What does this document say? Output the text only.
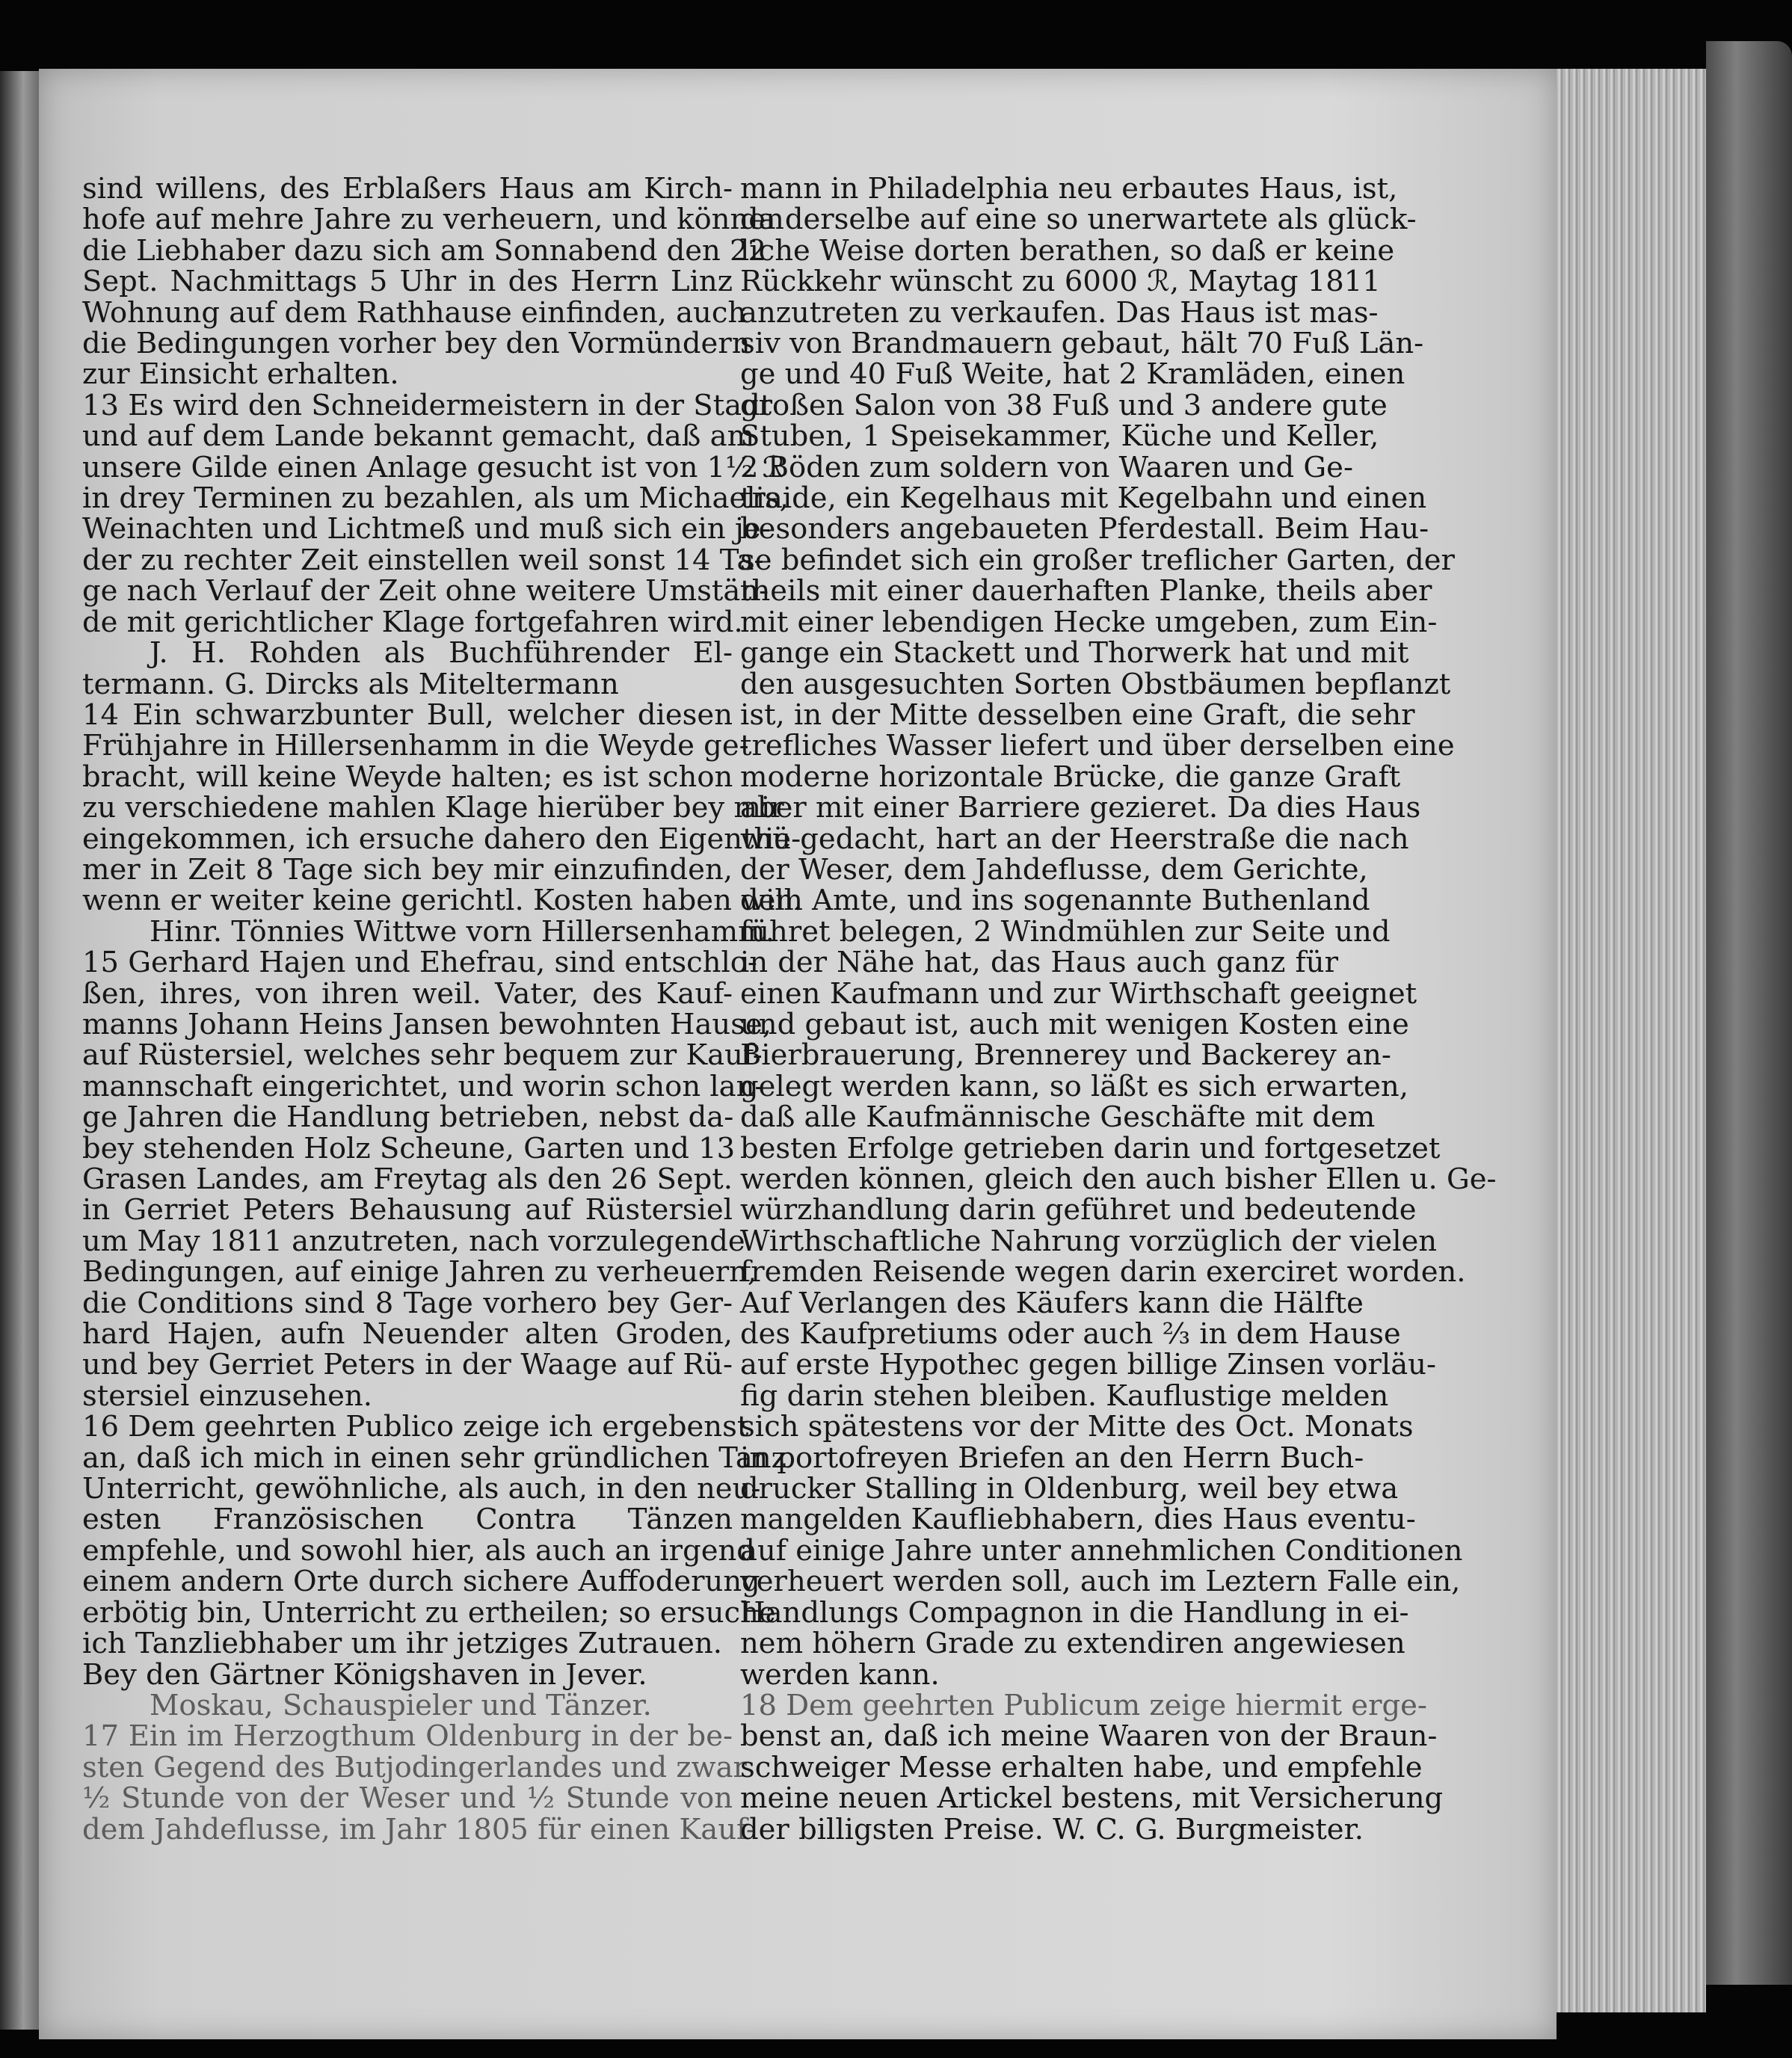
sind willens, des Erblaßers Haus am Kirch-
hofe auf mehre Jahre zu verheuern, und können
die Liebhaber dazu sich am Sonnabend den 22
Sept. Nachmittags 5 Uhr in des Herrn Linz
Wohnung auf dem Rathhause einfinden, auch
die Bedingungen vorher bey den Vormündern
zur Einsicht erhalten.
13 Es wird den Schneidermeistern in der Stadt
und auf dem Lande bekannt gemacht, daß am
unsere Gilde einen Anlage gesucht ist von 1½ ℛ
in drey Terminen zu bezahlen, als um Michaelis,
Weinachten und Lichtmeß und muß sich ein je-
der zu rechter Zeit einstellen weil sonst 14 Ta-
ge nach Verlauf der Zeit ohne weitere Umstän-
de mit gerichtlicher Klage fortgefahren wird.
J. H. Rohden als Buchführender El-
termann. G. Dircks als Miteltermann
14 Ein schwarzbunter Bull, welcher diesen
Frühjahre in Hillersenhamm in die Weyde ge-
bracht, will keine Weyde halten; es ist schon
zu verschiedene mahlen Klage hierüber bey mir
eingekommen, ich ersuche dahero den Eigenthü-
mer in Zeit 8 Tage sich bey mir einzufinden,
wenn er weiter keine gerichtl. Kosten haben will.
Hinr. Tönnies Wittwe vorn Hillersenhamm.
15 Gerhard Hajen und Ehefrau, sind entschlo-
ßen, ihres, von ihren weil. Vater, des Kauf-
manns Johann Heins Jansen bewohnten Hause,
auf Rüstersiel, welches sehr bequem zur Kauf-
mannschaft eingerichtet, und worin schon lan-
ge Jahren die Handlung betrieben, nebst da-
bey stehenden Holz Scheune, Garten und 13
Grasen Landes, am Freytag als den 26 Sept.
in Gerriet Peters Behausung auf Rüstersiel
um May 1811 anzutreten, nach vorzulegende
Bedingungen, auf einige Jahren zu verheuern,
die Conditions sind 8 Tage vorhero bey Ger-
hard Hajen, aufn Neuender alten Groden,
und bey Gerriet Peters in der Waage auf Rü-
stersiel einzusehen.
16 Dem geehrten Publico zeige ich ergebenst
an, daß ich mich in einen sehr gründlichen Tanz
Unterricht, gewöhnliche, als auch, in den neu-
esten Französischen Contra Tänzen
empfehle, und sowohl hier, als auch an irgend
einem andern Orte durch sichere Auffoderung
erbötig bin, Unterricht zu ertheilen; so ersuche
ich Tanzliebhaber um ihr jetziges Zutrauen.
Bey den Gärtner Königshaven in Jever.
Moskau, Schauspieler und Tänzer.
17 Ein im Herzogthum Oldenburg in der be-
sten Gegend des Butjodingerlandes und zwar
½ Stunde von der Weser und ½ Stunde von
dem Jahdeflusse, im Jahr 1805 für einen Kauf-
mann in Philadelphia neu erbautes Haus, ist,
da derselbe auf eine so unerwartete als glück-
liche Weise dorten berathen, so daß er keine
Rückkehr wünscht zu 6000 ℛ, Maytag 1811
anzutreten zu verkaufen. Das Haus ist mas-
siv von Brandmauern gebaut, hält 70 Fuß Län-
ge und 40 Fuß Weite, hat 2 Kramläden, einen
großen Salon von 38 Fuß und 3 andere gute
Stuben, 1 Speisekammer, Küche und Keller,
2 Böden zum soldern von Waaren und Ge-
traide, ein Kegelhaus mit Kegelbahn und einen
besonders angebaueten Pferdestall. Beim Hau-
se befindet sich ein großer treflicher Garten, der
theils mit einer dauerhaften Planke, theils aber
mit einer lebendigen Hecke umgeben, zum Ein-
gange ein Stackett und Thorwerk hat und mit
den ausgesuchten Sorten Obstbäumen bepflanzt
ist, in der Mitte desselben eine Graft, die sehr
trefliches Wasser liefert und über derselben eine
moderne horizontale Brücke, die ganze Graft
aber mit einer Barriere gezieret. Da dies Haus
wie gedacht, hart an der Heerstraße die nach
der Weser, dem Jahdeflusse, dem Gerichte,
dem Amte, und ins sogenannte Buthenland
führet belegen, 2 Windmühlen zur Seite und
in der Nähe hat, das Haus auch ganz für
einen Kaufmann und zur Wirthschaft geeignet
und gebaut ist, auch mit wenigen Kosten eine
Bierbrauerung, Brennerey und Backerey an-
gelegt werden kann, so läßt es sich erwarten,
daß alle Kaufmännische Geschäfte mit dem
besten Erfolge getrieben darin und fortgesetzet
werden können, gleich den auch bisher Ellen u. Ge-
würzhandlung darin geführet und bedeutende
Wirthschaftliche Nahrung vorzüglich der vielen
fremden Reisende wegen darin exerciret worden.
Auf Verlangen des Käufers kann die Hälfte
des Kaufpretiums oder auch ⅔ in dem Hause
auf erste Hypothec gegen billige Zinsen vorläu-
fig darin stehen bleiben. Kauflustige melden
sich spätestens vor der Mitte des Oct. Monats
in portofreyen Briefen an den Herrn Buch-
drucker Stalling in Oldenburg, weil bey etwa
mangelden Kaufliebhabern, dies Haus eventu-
auf einige Jahre unter annehmlichen Conditionen
verheuert werden soll, auch im Leztern Falle ein,
Handlungs Compagnon in die Handlung in ei-
nem höhern Grade zu extendiren angewiesen
werden kann.
18 Dem geehrten Publicum zeige hiermit erge-
benst an, daß ich meine Waaren von der Braun-
schweiger Messe erhalten habe, und empfehle
meine neuen Artickel bestens, mit Versicherung
der billigsten Preise. W. C. G. Burgmeister.
